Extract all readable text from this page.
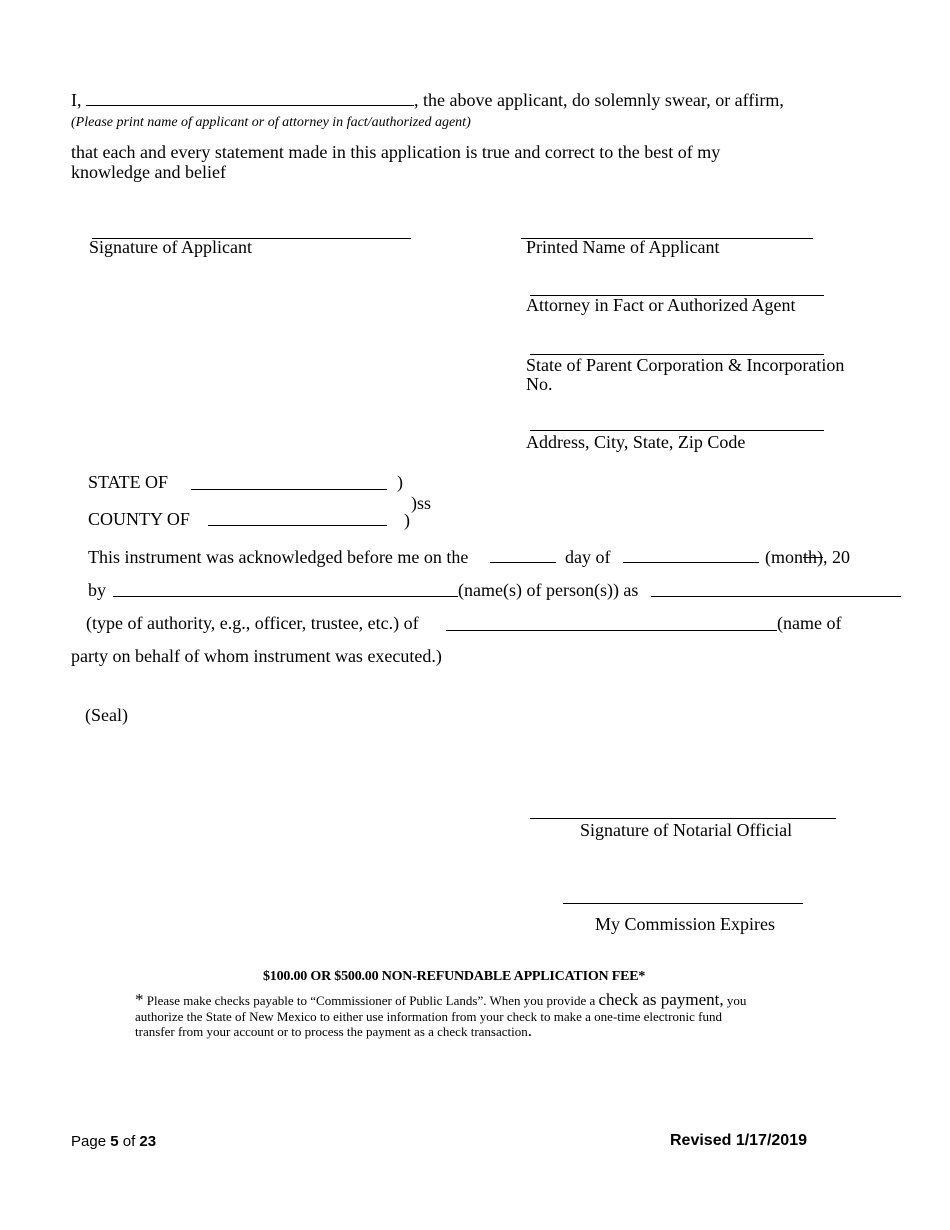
I,	, the above applicant, do solemnly swear, or affirm,
(Please print name of applicant or of attorney in fact/authorized agent)
that each and every statement made in this application is true and correct to the best of my
knowledge and belief
Signature of Applicant	Printed Name of Applicant
Attorney in Fact or Authorized Agent
State of Parent Corporation & Incorporation
No.
Address, City, State, Zip Code
STATE OF	)
)ss
COUNTY OF	)
This instrument was acknowledged before me on the	day of	(month), 20
by	(name(s) of person(s)) as
(type of authority, e.g., officer, trustee, etc.) of	(name of
party on behalf of whom instrument was executed.)
(Seal)
Signature of Notarial Official
My Commission Expires
$100.00 OR $500.00 NON-REFUNDABLE APPLICATION FEE*
* Please make checks payable to “Commissioner of Public Lands”. When you provide a check as payment, you
authorize the State of New Mexico to either use information from your check to make a one-time electronic fund
transfer from your account or to process the payment as a check transaction.
Page 5 of 23	Revised 1/17/2019
